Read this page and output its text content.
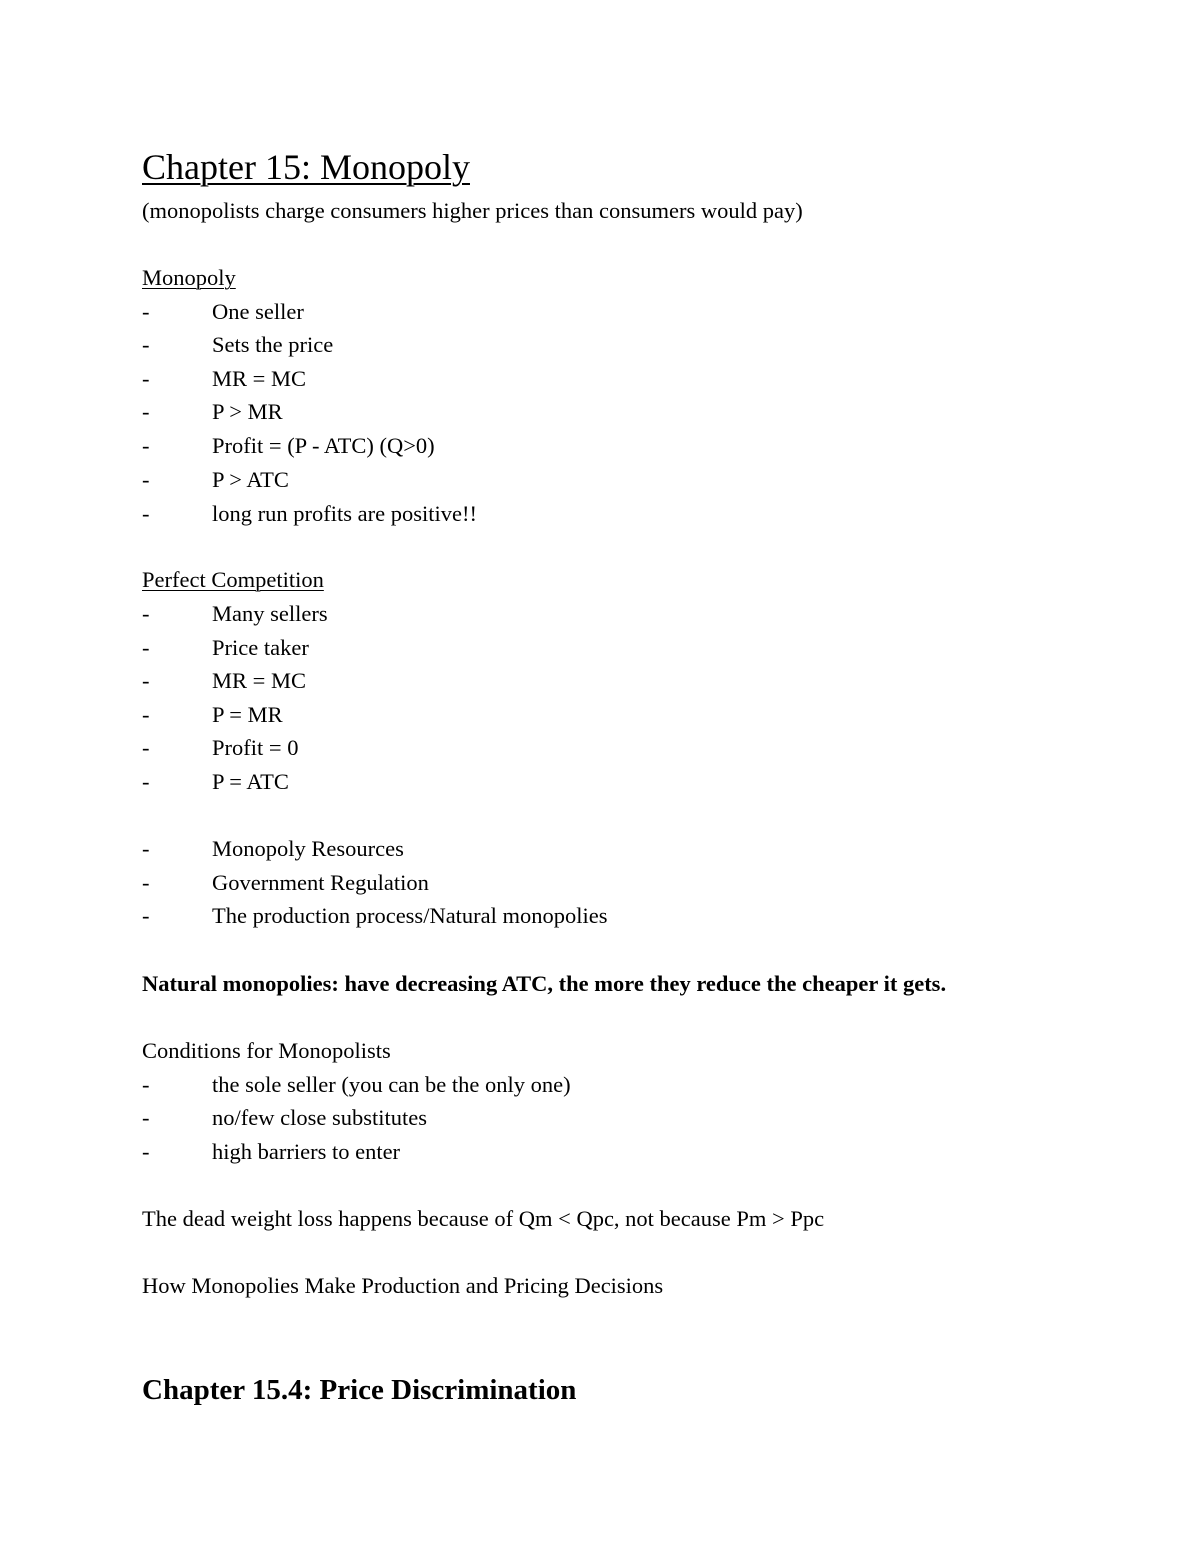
Chapter 15: Monopoly
(monopolists charge consumers higher prices than consumers would pay)
Monopoly
-	One seller
-	Sets the price
-	MR = MC
-	P > MR
-	Profit = (P - ATC) (Q>0)
-	P > ATC
-	long run profits are positive!!
Perfect Competition
-	Many sellers
-	Price taker
-	MR = MC
-	P = MR
-	Profit = 0
-	P = ATC
-	Monopoly Resources
-	Government Regulation
-	The production process/Natural monopolies
Natural monopolies: have decreasing ATC, the more they reduce the cheaper it gets.
Conditions for Monopolists
-	the sole seller (you can be the only one)
-	no/few close substitutes
-	high barriers to enter
The dead weight loss happens because of Qm < Qpc, not because Pm > Ppc
How Monopolies Make Production and Pricing Decisions
Chapter 15.4: Price Discrimination
